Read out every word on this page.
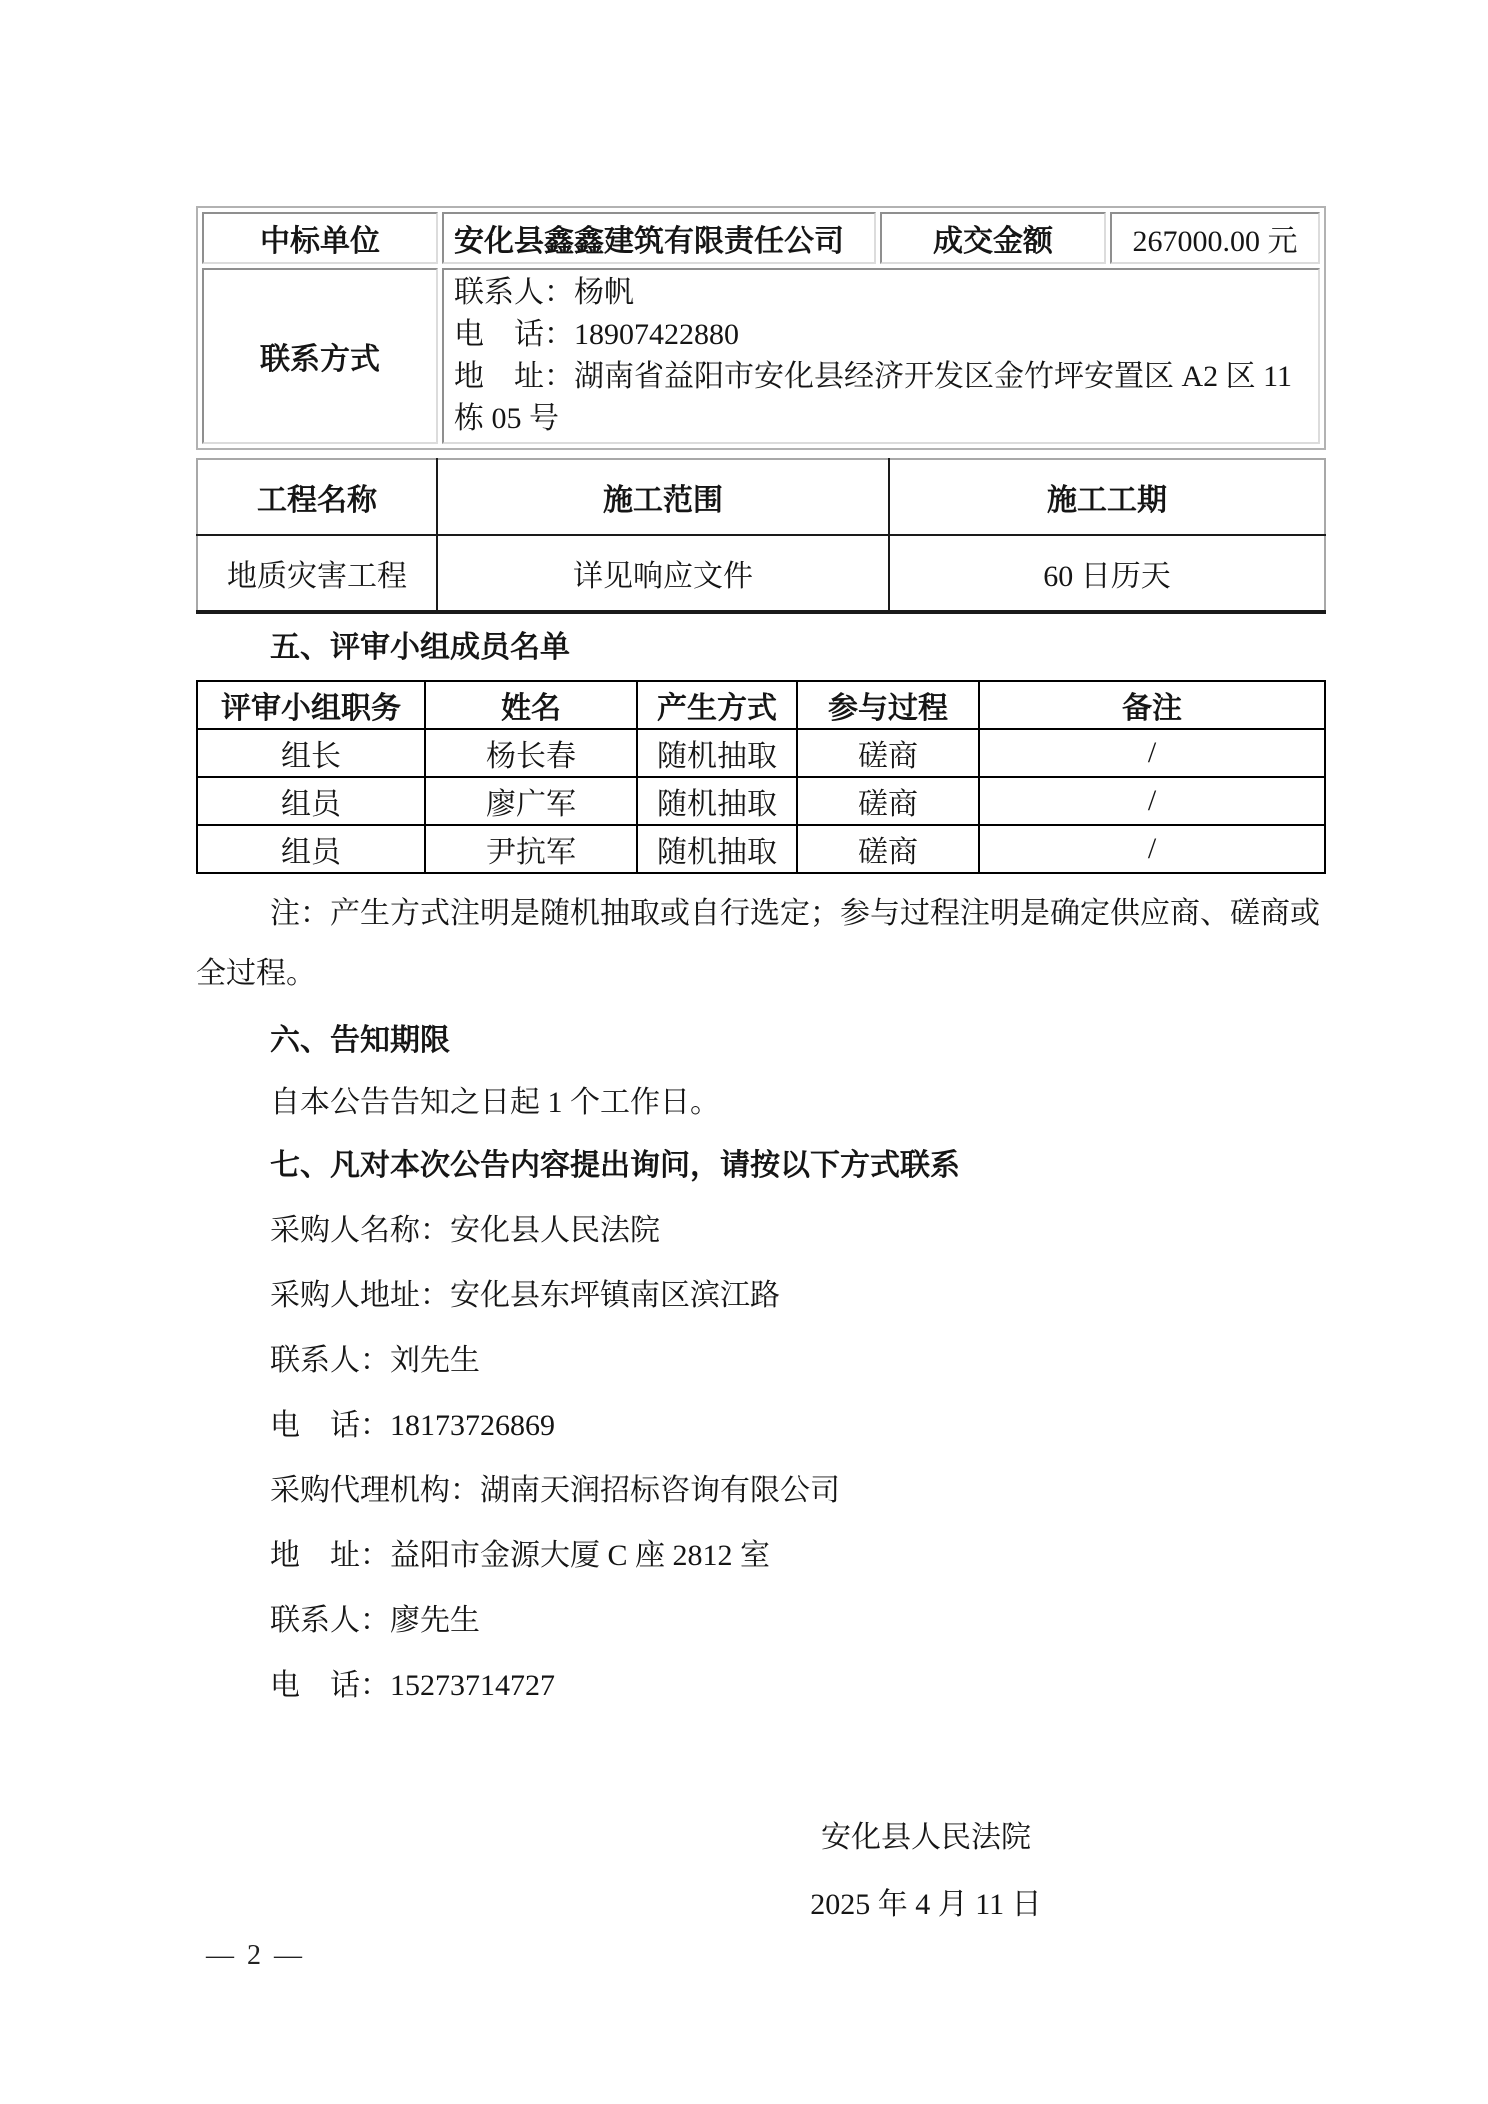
中标单位	安化县鑫鑫建筑有限责任公司	成交金额	267000.00 元
联系方式	联系人：杨帆
电　话：18907422880
地　址：湖南省益阳市安化县经济开发区金竹坪安置区 A2 区 11 栋 05 号		
工程名称	施工范围	施工工期
地质灾害工程	详见响应文件	60 日历天
五、评审小组成员名单
评审小组职务	姓名	产生方式	参与过程	备注
组长	杨长春	随机抽取	磋商	/
组员	廖广军	随机抽取	磋商	/
组员	尹抗军	随机抽取	磋商	/
注：产生方式注明是随机抽取或自行选定；参与过程注明是确定供应商、磋商或
全过程。
六、告知期限
自本公告告知之日起 1 个工作日。
七、凡对本次公告内容提出询问，请按以下方式联系
采购人名称：安化县人民法院
采购人地址：安化县东坪镇南区滨江路
联系人：刘先生
电　话：18173726869
采购代理机构：湖南天润招标咨询有限公司
地　址：益阳市金源大厦 C 座 2812 室
联系人：廖先生
电　话：15273714727
安化县人民法院
2025 年 4 月 11 日
— 2 —
